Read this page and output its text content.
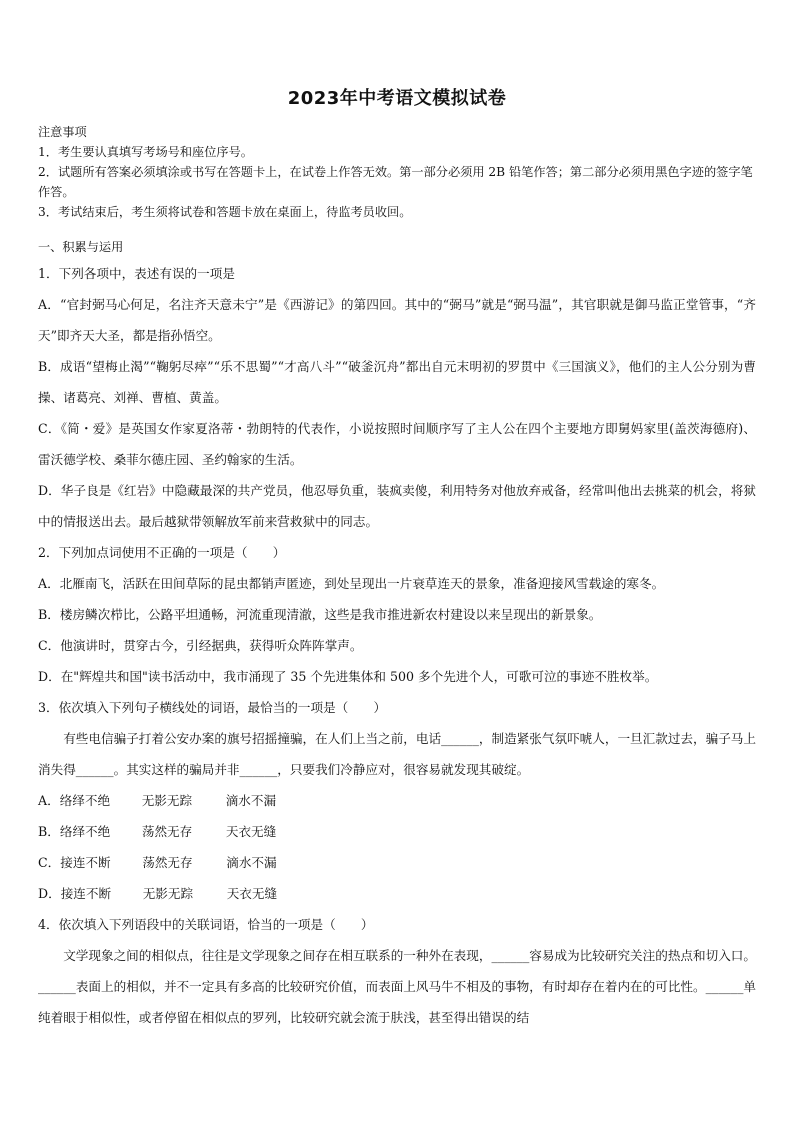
2023年中考语文模拟试卷

注意事项

1．考生要认真填写考场号和座位序号。

2．试题所有答案必须填涂或书写在答题卡上，在试卷上作答无效。第一部分必须用 2B 铅笔作答；第二部分必须用黑色字迹的签字笔作答。

3．考试结束后，考生须将试卷和答题卡放在桌面上，待监考员收回。

一、积累与运用

1．下列各项中，表述有误的一项是

A．“官封弼马心何足，名注齐天意未宁”是《西游记》的第四回。其中的“弼马”就是“弼马温”，其官职就是御马监正堂管事，“齐天”即齐天大圣，都是指孙悟空。

B．成语“望梅止渴”“鞠躬尽瘁”“乐不思蜀”“才高八斗”“破釜沉舟”都出自元末明初的罗贯中《三国演义》，他们的主人公分别为曹操、诸葛亮、刘禅、曹植、黄盖。

C．《简・爱》是英国女作家夏洛蒂・勃朗特的代表作，小说按照时间顺序写了主人公在四个主要地方即舅妈家里(盖茨海德府)、雷沃德学校、桑菲尔德庄园、圣约翰家的生活。

D．华子良是《红岩》中隐藏最深的共产党员，他忍辱负重，装疯卖傻，利用特务对他放弃戒备，经常叫他出去挑菜的机会，将狱中的情报送出去。最后越狱带领解放军前来营救狱中的同志。

2．下列加点词使用不正确的一项是（　　）

A．北雁南飞，活跃在田间草际的昆虫都销声匿迹，到处呈现出一片衰草连天的景象，准备迎接风雪载途的寒冬。

B．楼房鳞次栉比，公路平坦通畅，河流重现清澈，这些是我市推进新农村建设以来呈现出的新景象。

C．他演讲时，贯穿古今，引经据典，获得听众阵阵掌声。

D．在"辉煌共和国"读书活动中，我市涌现了 35 个先进集体和 500 多个先进个人，可歌可泣的事迹不胜枚举。

3．依次填入下列句子横线处的词语，最恰当的一项是（　　）

有些电信骗子打着公安办案的旗号招摇撞骗，在人们上当之前，电话______，制造紧张气氛吓唬人，一旦汇款过去，骗子马上消失得______。其实这样的骗局并非______，只要我们冷静应对，很容易就发现其破绽。

A．络绎不绝	无影无踪	滴水不漏

B．络绎不绝	荡然无存	天衣无缝

C．接连不断	荡然无存	滴水不漏

D．接连不断	无影无踪	天衣无缝

4．依次填入下列语段中的关联词语，恰当的一项是（　　）

文学现象之间的相似点，往往是文学现象之间存在相互联系的一种外在表现，______容易成为比较研究关注的热点和切入口。______表面上的相似，并不一定具有多高的比较研究价值，而表面上风马牛不相及的事物，有时却存在着内在的可比性。______单纯着眼于相似性，或者停留在相似点的罗列，比较研究就会流于肤浅，甚至得出错误的结
